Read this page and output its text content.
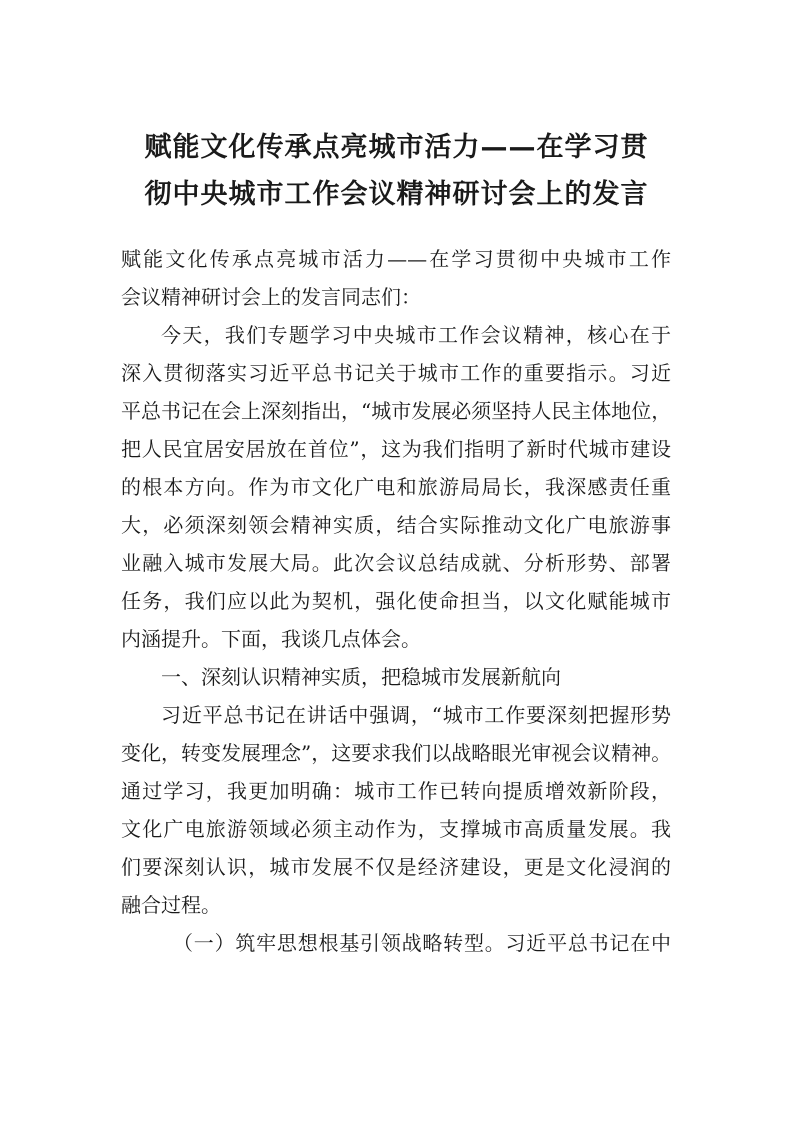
赋能文化传承点亮城市活力——在学习贯
彻中央城市工作会议精神研讨会上的发言
赋能文化传承点亮城市活力——在学习贯彻中央城市工作
会议精神研讨会上的发言同志们：
今天，我们专题学习中央城市工作会议精神，核心在于
深入贯彻落实习近平总书记关于城市工作的重要指示。习近
平总书记在会上深刻指出，“城市发展必须坚持人民主体地位，
把人民宜居安居放在首位”，这为我们指明了新时代城市建设
的根本方向。作为市文化广电和旅游局局长，我深感责任重
大，必须深刻领会精神实质，结合实际推动文化广电旅游事
业融入城市发展大局。此次会议总结成就、分析形势、部署
任务，我们应以此为契机，强化使命担当，以文化赋能城市
内涵提升。下面，我谈几点体会。
一、深刻认识精神实质，把稳城市发展新航向
习近平总书记在讲话中强调，“城市工作要深刻把握形势
变化，转变发展理念”，这要求我们以战略眼光审视会议精神。
通过学习，我更加明确：城市工作已转向提质增效新阶段，
文化广电旅游领域必须主动作为，支撑城市高质量发展。我
们要深刻认识，城市发展不仅是经济建设，更是文化浸润的
融合过程。
（一）筑牢思想根基引领战略转型。习近平总书记在中
